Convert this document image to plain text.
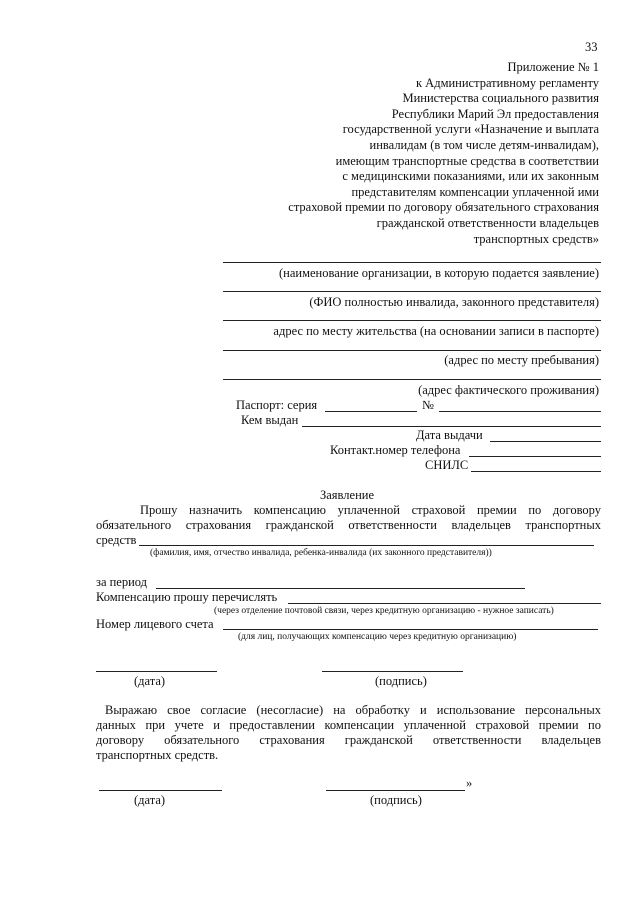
33
Приложение № 1
к Административному регламенту
Министерства социального развития
Республики Марий Эл предоставления
государственной услуги «Назначение и выплата
инвалидам (в том числе детям-инвалидам),
имеющим транспортные средства в соответствии
с медицинскими показаниями, или их законным
представителям компенсации уплаченной ими
страховой премии по договору обязательного страхования
гражданской ответственности владельцев
транспортных средств»
(наименование организации, в которую подается заявление)
(ФИО полностью инвалида, законного представителя)
адрес по месту жительства (на основании записи в паспорте)
(адрес по месту пребывания)
(адрес фактического проживания)
Паспорт: серия	№
Кем выдан
Дата выдачи
Контакт.номер телефона
СНИЛС
Заявление
Прошу назначить компенсацию уплаченной страховой премии по договору
обязательного страхования гражданской ответственности владельцев транспортных
средств
(фамилия, имя, отчество инвалида, ребенка-инвалида (их законного представителя))
за период
Компенсацию прошу перечислять
(через отделение почтовой связи, через кредитную организацию - нужное записать)
Номер лицевого счета
(для лиц, получающих компенсацию через кредитную организацию)
(дата)	(подпись)
Выражаю свое согласие (несогласие) на обработку и использование персональных
данных при учете и предоставлении компенсации уплаченной страховой премии по
договору обязательного страхования гражданской ответственности владельцев
транспортных средств.
(дата)
»
(подпись)
